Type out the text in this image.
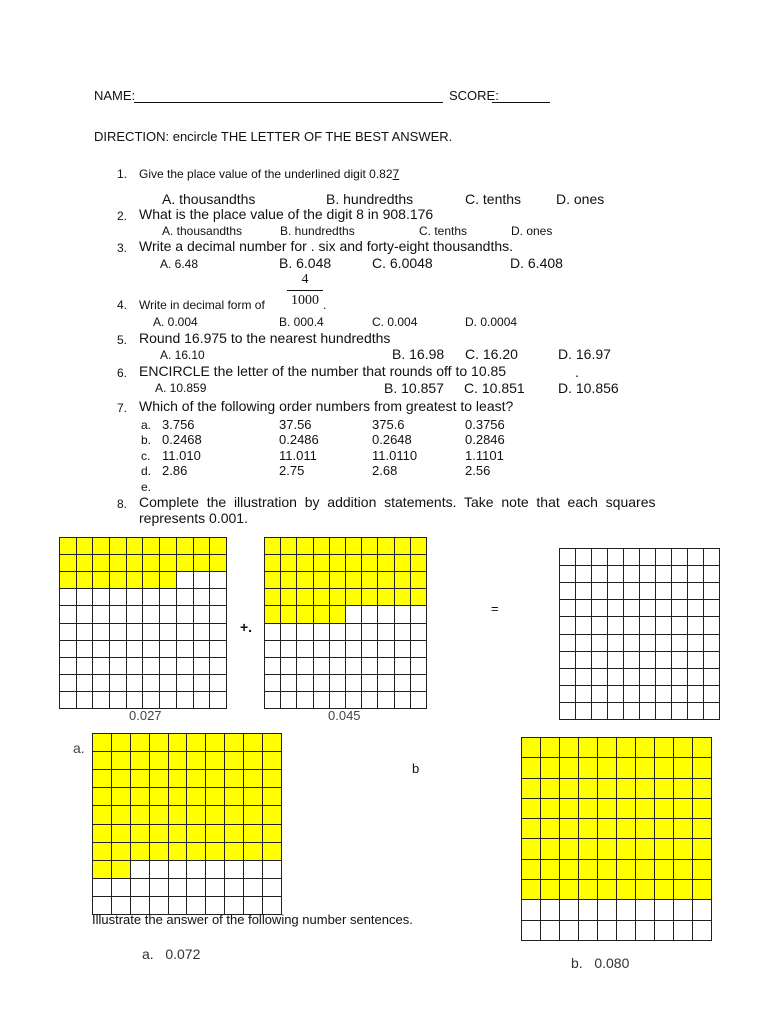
NAME:	SCORE:
DIRECTION: encircle THE LETTER OF THE BEST ANSWER.
1. Give the place value of the underlined digit 0.827
A. thousandths	B. hundredths	C. tenths D. ones
2. What is the place value of the digit 8 in 908.176
A. thousandths	B. hundredths	C. tenths	D. ones
3. Write a decimal number for . six and forty-eight thousandths.
A. 6.48	B. 6.048	C. 6.0048	D. 6.408
4. Write in decimal form of
4
1000 .
A. 0.004	B. 000.4	C. 0.004	D. 0.0004
5. Round 16.975 to the nearest hundredths
A. 16.10	B. 16.98 C. 16.20	D. 16.97
6. ENCIRCLE the letter of the number that rounds off to 10.85	.
A. 10.859	B. 10.857 C. 10.851 D. 10.856
7. Which of the following order numbers from greatest to least?
a. 3.756	37.56	375.6	0.3756
b. 0.2468	0.2486	0.2648	0.2846
c. 11.010	11.011	11.0110	1.1101
d. 2.86	2.75	2.68	2.56
e.
8. Complete  the  illustration  by  addition  statements.  Take  note  that  each  squares
represents 0.001.
0.027
+.
0.045
=
a.
b
Illustrate the answer of the following number sentences.
a.   0.072
b.   0.080
